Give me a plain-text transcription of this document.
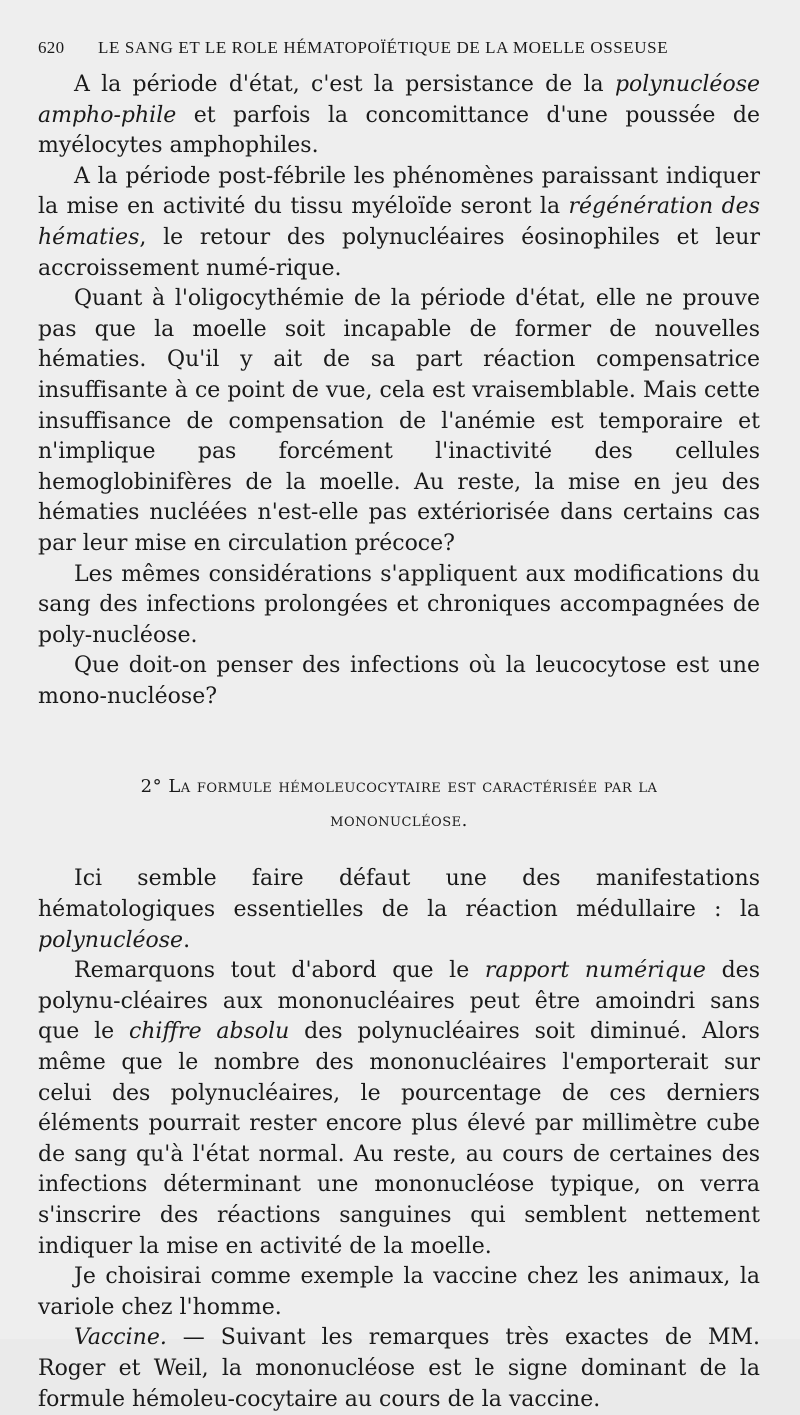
620	LE SANG ET LE ROLE HÉMATOPOÏÉTIQUE DE LA MOELLE OSSEUSE

A la période d'état, c'est la persistance de la polynucléose ampho-phile et parfois la concomittance d'une poussée de myélocytes amphophiles.

A la période post-fébrile les phénomènes paraissant indiquer la mise en activité du tissu myéloïde seront la régénération des hématies, le retour des polynucléaires éosinophiles et leur accroissement numé-rique.

Quant à l'oligocythémie de la période d'état, elle ne prouve pas que la moelle soit incapable de former de nouvelles hématies. Qu'il y ait de sa part réaction compensatrice insuffisante à ce point de vue, cela est vraisemblable. Mais cette insuffisance de compensation de l'anémie est temporaire et n'implique pas forcément l'inactivité des cellules hemoglobinifères de la moelle. Au reste, la mise en jeu des hématies nucléées n'est-elle pas extériorisée dans certains cas par leur mise en circulation précoce?

Les mêmes considérations s'appliquent aux modifications du sang des infections prolongées et chroniques accompagnées de poly-nucléose.

Que doit-on penser des infections où la leucocytose est une mono-nucléose?

2° La formule hémoleucocytaire est caractérisée par la
mononucléose.

Ici semble faire défaut une des manifestations hématologiques essentielles de la réaction médullaire : la polynucléose.

Remarquons tout d'abord que le rapport numérique des polynu-cléaires aux mononucléaires peut être amoindri sans que le chiffre absolu des polynucléaires soit diminué. Alors même que le nombre des mononucléaires l'emporterait sur celui des polynucléaires, le pourcentage de ces derniers éléments pourrait rester encore plus élevé par millimètre cube de sang qu'à l'état normal. Au reste, au cours de certaines des infections déterminant une mononucléose typique, on verra s'inscrire des réactions sanguines qui semblent nettement indiquer la mise en activité de la moelle.

Je choisirai comme exemple la vaccine chez les animaux, la variole chez l'homme.

Vaccine. — Suivant les remarques très exactes de MM. Roger et Weil, la mononucléose est le signe dominant de la formule hémoleu-cocytaire au cours de la vaccine.
